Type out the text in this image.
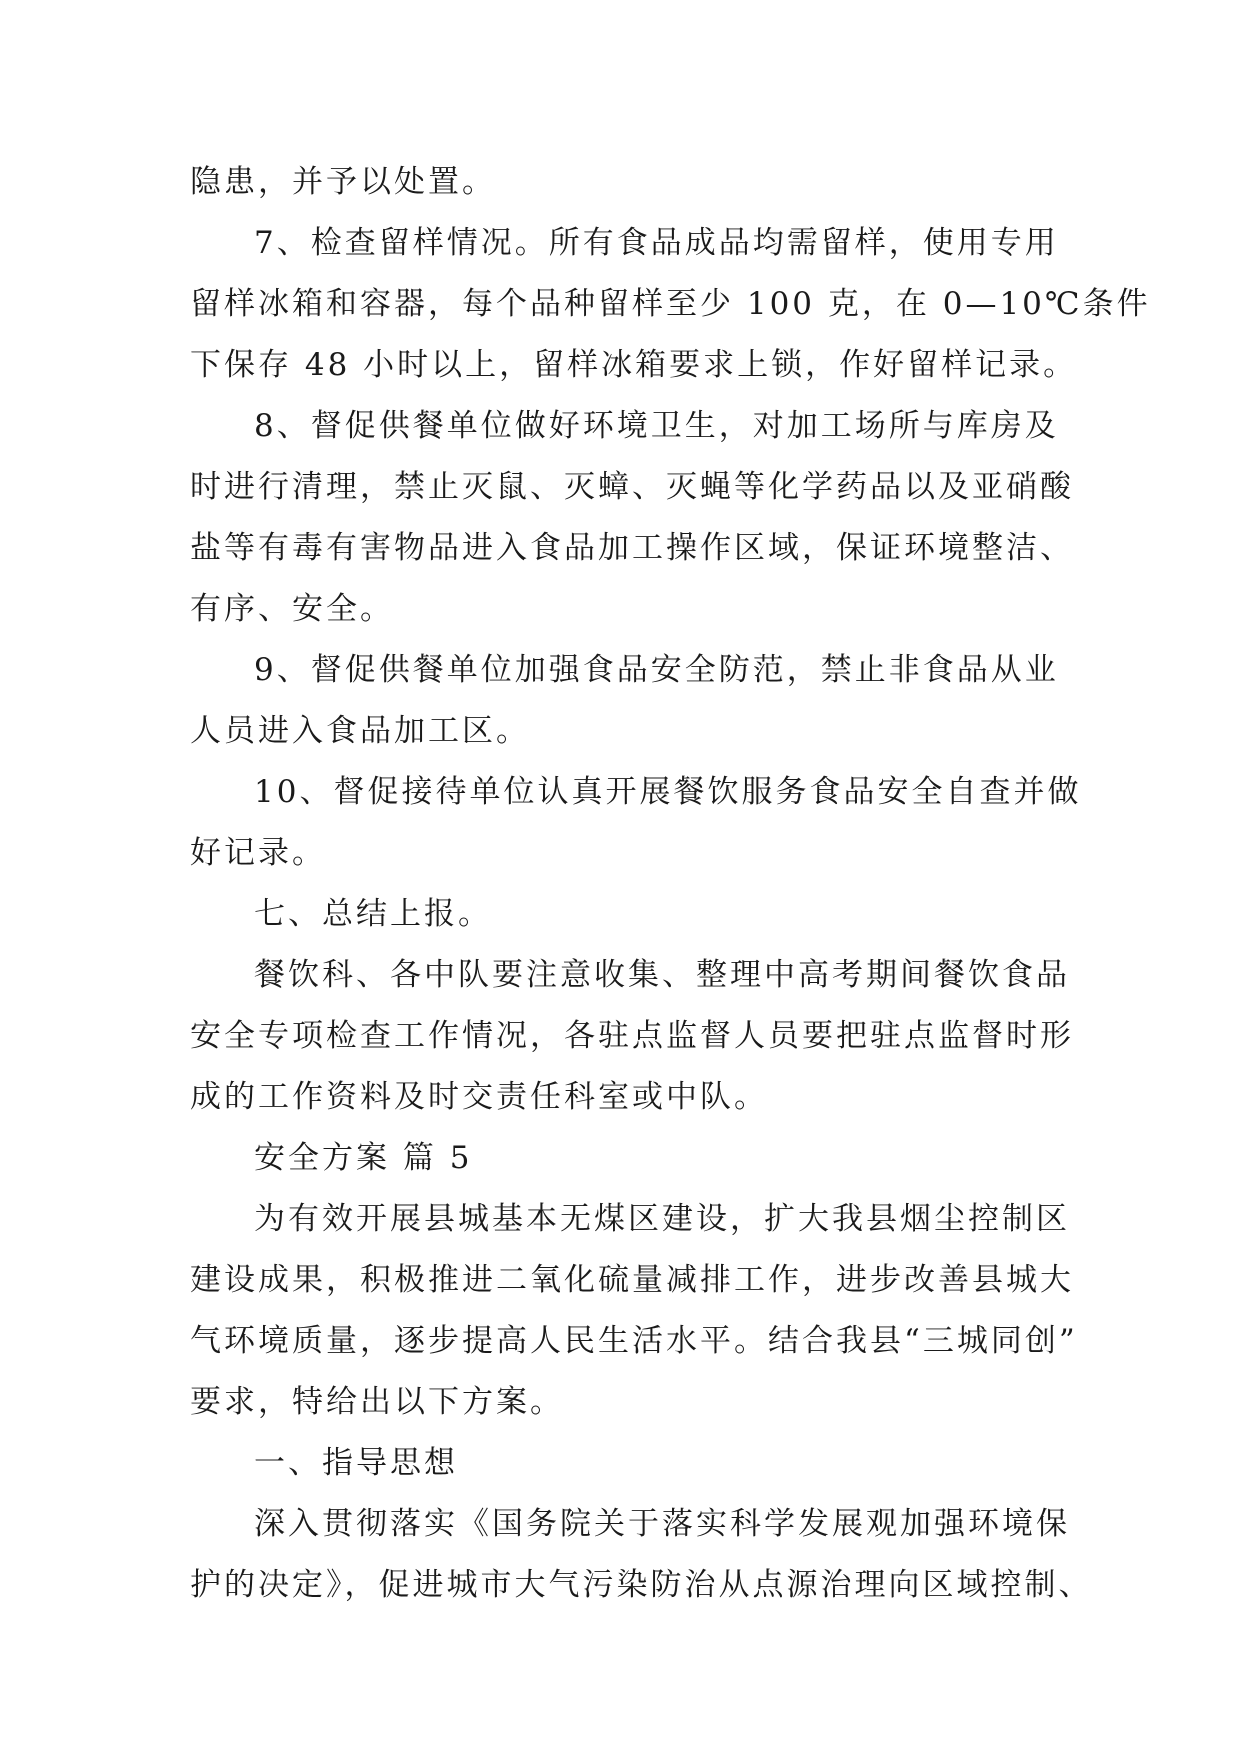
隐患，并予以处置。
7、检查留样情况。所有食品成品均需留样，使用专用
留样冰箱和容器，每个品种留样至少 100 克，在 0—10℃条件
下保存 48 小时以上，留样冰箱要求上锁，作好留样记录。
8、督促供餐单位做好环境卫生，对加工场所与库房及
时进行清理，禁止灭鼠、灭蟑、灭蝇等化学药品以及亚硝酸
盐等有毒有害物品进入食品加工操作区域，保证环境整洁、
有序、安全。
9、督促供餐单位加强食品安全防范，禁止非食品从业
人员进入食品加工区。
10、督促接待单位认真开展餐饮服务食品安全自查并做
好记录。
七、总结上报。
餐饮科、各中队要注意收集、整理中高考期间餐饮食品
安全专项检查工作情况，各驻点监督人员要把驻点监督时形
成的工作资料及时交责任科室或中队。
安全方案 篇 5
为有效开展县城基本无煤区建设，扩大我县烟尘控制区
建设成果，积极推进二氧化硫量减排工作，进步改善县城大
气环境质量，逐步提高人民生活水平。结合我县“三城同创”
要求，特给出以下方案。
一、指导思想
深入贯彻落实《国务院关于落实科学发展观加强环境保
护的决定》，促进城市大气污染防治从点源治理向区域控制、
